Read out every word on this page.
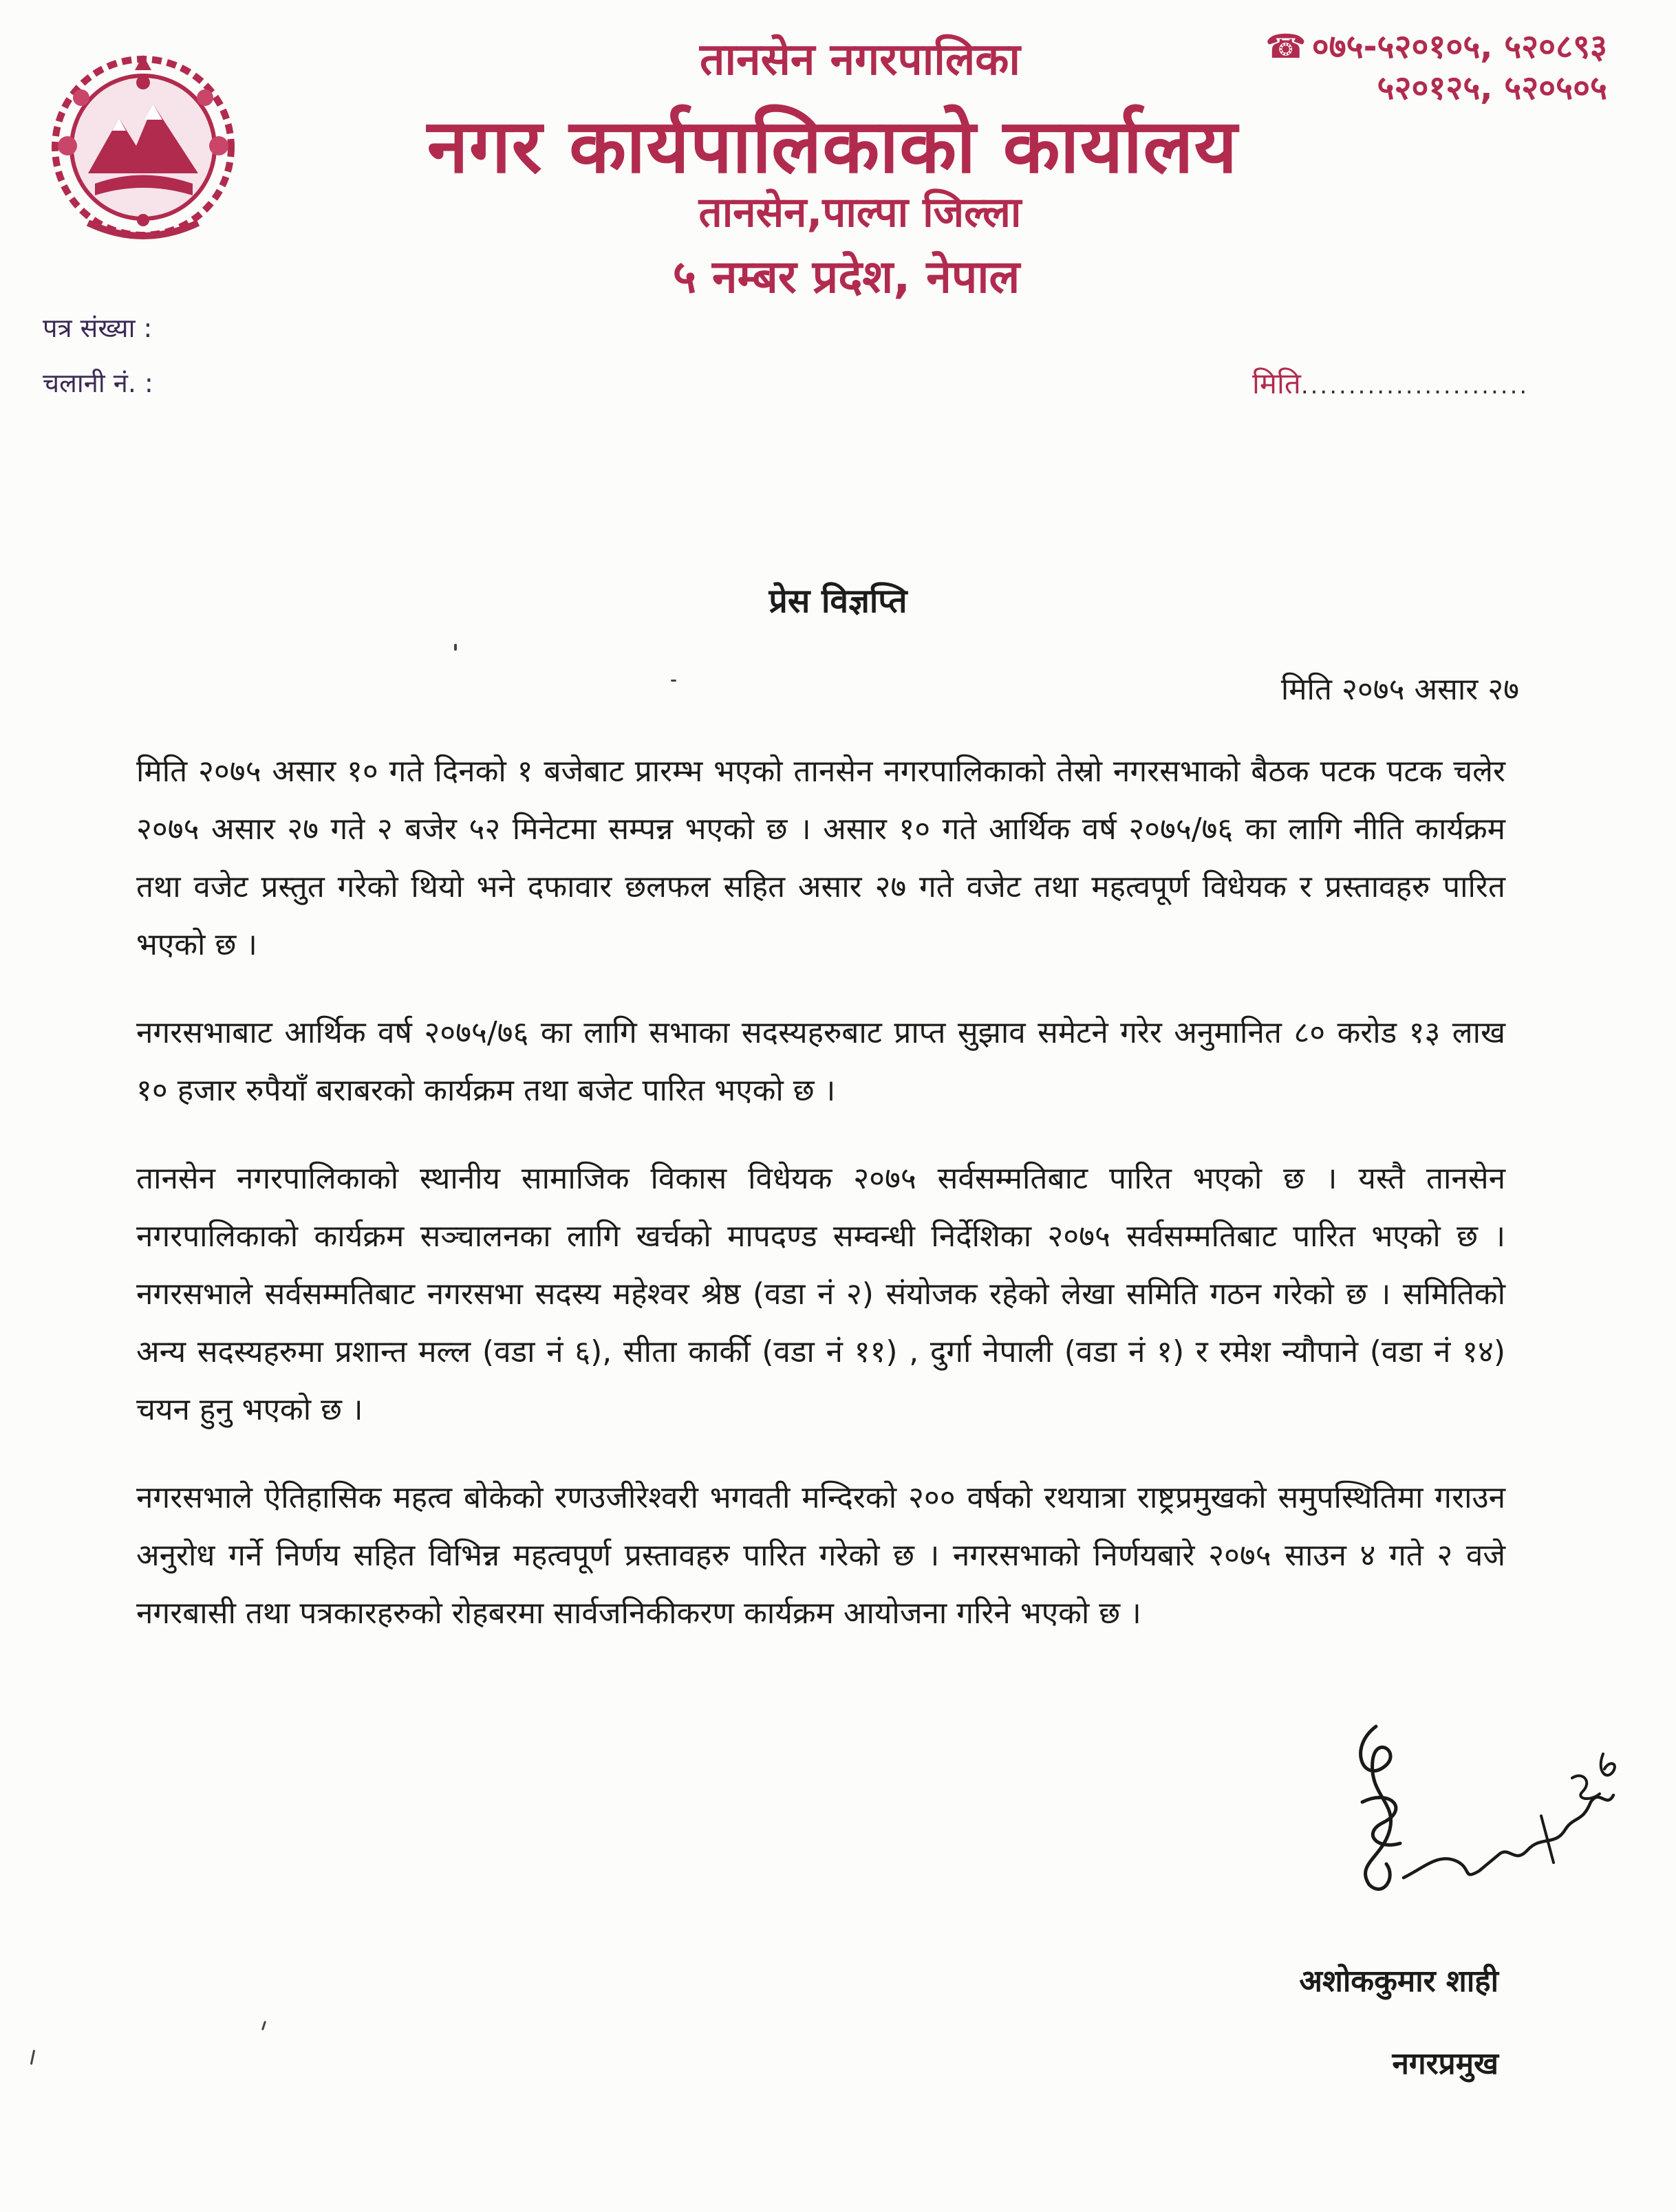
तानसेन नगरपालिका
नगर कार्यपालिकाको कार्यालय
तानसेन,पाल्पा जिल्ला
५ नम्बर प्रदेश, नेपाल
☎ ०७५-५२०१०५, ५२०८९३
५२०१२५, ५२०५०५
पत्र संख्या :
चलानी नं. :	मिति........................
प्रेस विज्ञप्ति
मिति २०७५ असार २७

मिति २०७५ असार १० गते दिनको १ बजेबाट प्रारम्भ भएको तानसेन नगरपालिकाको तेस्रो नगरसभाको बैठक पटक पटक चलेर २०७५ असार २७ गते २ बजेर ५२ मिनेटमा सम्पन्न भएको छ । असार १० गते आर्थिक वर्ष २०७५/७६ का लागि नीति कार्यक्रम तथा वजेट प्रस्तुत गरेको थियो भने दफावार छलफल सहित असार २७ गते वजेट तथा महत्वपूर्ण विधेयक र प्रस्तावहरु पारित भएको छ ।

नगरसभाबाट आर्थिक वर्ष २०७५/७६ का लागि सभाका सदस्यहरुबाट प्राप्त सुझाव समेटने गरेर अनुमानित ८० करोड १३ लाख १० हजार रुपैयाँ बराबरको कार्यक्रम तथा बजेट पारित भएको छ ।

तानसेन नगरपालिकाको स्थानीय सामाजिक विकास विधेयक २०७५ सर्वसम्मतिबाट पारित भएको छ । यस्तै तानसेन नगरपालिकाको कार्यक्रम सञ्चालनका लागि खर्चको मापदण्ड सम्वन्धी निर्देशिका २०७५ सर्वसम्मतिबाट पारित भएको छ । नगरसभाले सर्वसम्मतिबाट नगरसभा सदस्य महेश्वर श्रेष्ठ (वडा नं २) संयोजक रहेको लेखा समिति गठन गरेको छ । समितिको अन्य सदस्यहरुमा प्रशान्त मल्ल (वडा नं ६), सीता कार्की (वडा नं ११) , दुर्गा नेपाली (वडा नं १) र रमेश न्यौपाने (वडा नं १४) चयन हुनु भएको छ ।

नगरसभाले ऐतिहासिक महत्व बोकेको रणउजीरेश्वरी भगवती मन्दिरको २०० वर्षको रथयात्रा राष्ट्रप्रमुखको समुपस्थितिमा गराउन अनुरोध गर्ने निर्णय सहित विभिन्न महत्वपूर्ण प्रस्तावहरु पारित गरेको छ । नगरसभाको निर्णयबारे २०७५ साउन ४ गते २ वजे नगरबासी तथा पत्रकारहरुको रोहबरमा सार्वजनिकीकरण कार्यक्रम आयोजना गरिने भएको छ ।

अशोककुमार शाही
नगरप्रमुख
